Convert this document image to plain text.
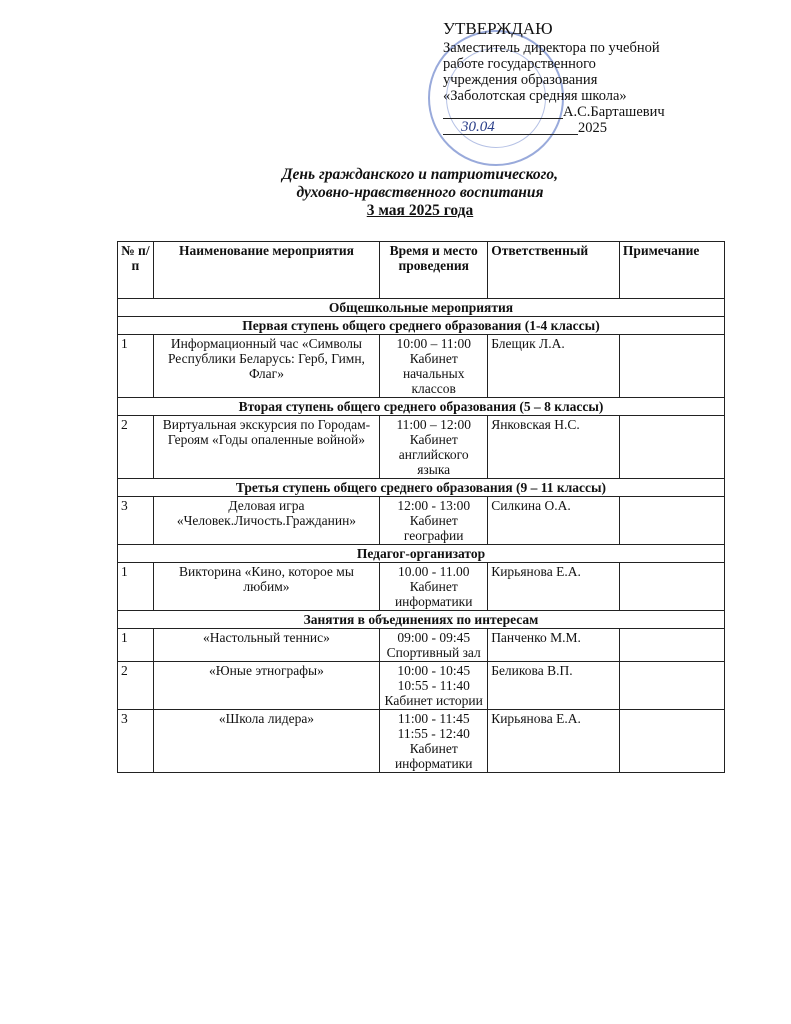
УТВЕРЖДАЮ
Заместитель директора по учебной
работе государственного
учреждения образования
«Заболотская средняя школа»
А.С.Барташевич
2025
30.04
День гражданского и патриотического,
духовно-нравственного воспитания
3 мая 2025 года
№ п/п	Наименование мероприятия	Время и место проведения	Ответственный	Примечание
Общешкольные мероприятия				
Первая ступень общего среднего образования (1-4 классы)				
1	Информационный час «Символы Республики Беларусь: Герб, Гимн, Флаг»	10:00 – 11:00 Кабинет начальных классов	Блещик Л.А.	
Вторая ступень общего среднего образования (5 – 8 классы)				
2	Виртуальная экскурсия по Городам-Героям «Годы опаленные войной»	11:00 – 12:00 Кабинет английского языка	Янковская Н.С.	
Третья ступень общего среднего образования (9 – 11 классы)				
3	Деловая игра «Человек.Личость.Гражданин»	12:00 - 13:00 Кабинет географии	Силкина О.А.	
Педагог-организатор				
1	Викторина «Кино, которое мы любим»	10.00 - 11.00 Кабинет информатики	Кирьянова Е.А.	
Занятия в объединениях по интересам				
1	«Настольный теннис»	09:00 - 09:45 Спортивный зал	Панченко М.М.	
2	«Юные этнографы»	10:00 - 10:45 10:55 - 11:40 Кабинет истории	Беликова В.П.	
3	«Школа лидера»	11:00 - 11:45 11:55 - 12:40 Кабинет информатики	Кирьянова Е.А.	
